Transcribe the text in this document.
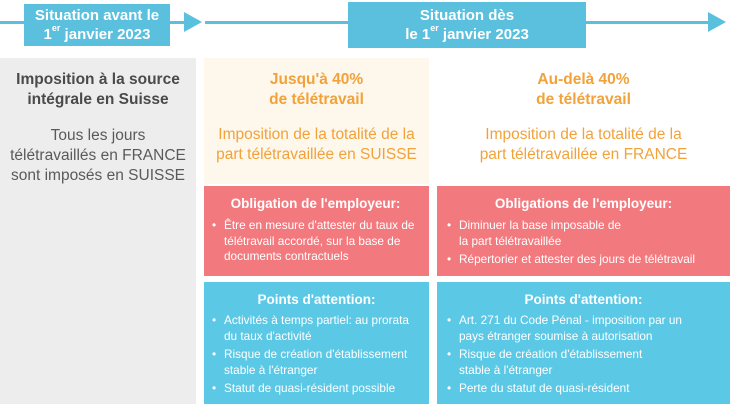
Situation avant le
1er janvier 2023
Situation dès
le 1er janvier 2023
Imposition à la source
intégrale en Suisse
Tous les jours
télétravaillés en FRANCE
sont imposés en SUISSE
Jusqu'à 40%
de télétravail
Imposition de la totalité de la
part télétravaillée en SUISSE
Obligation de l'employeur:
• Être en mesure d'attester du taux de télétravail accordé, sur la base de documents contractuels
Points d'attention:
• Activités à temps partiel: au prorata du taux d'activité
• Risque de création d'établissement stable à l'étranger
• Statut de quasi-résident possible
Au-delà 40%
de télétravail
Imposition de la totalité de la
part télétravaillée en FRANCE
Obligations de l'employeur:
• Diminuer la base imposable de la part télétravaillée
• Répertorier et attester des jours de télétravail
Points d'attention:
• Art. 271 du Code Pénal - imposition par un pays étranger soumise à autorisation
• Risque de création d'établissement stable à l'étranger
• Perte du statut de quasi-résident
